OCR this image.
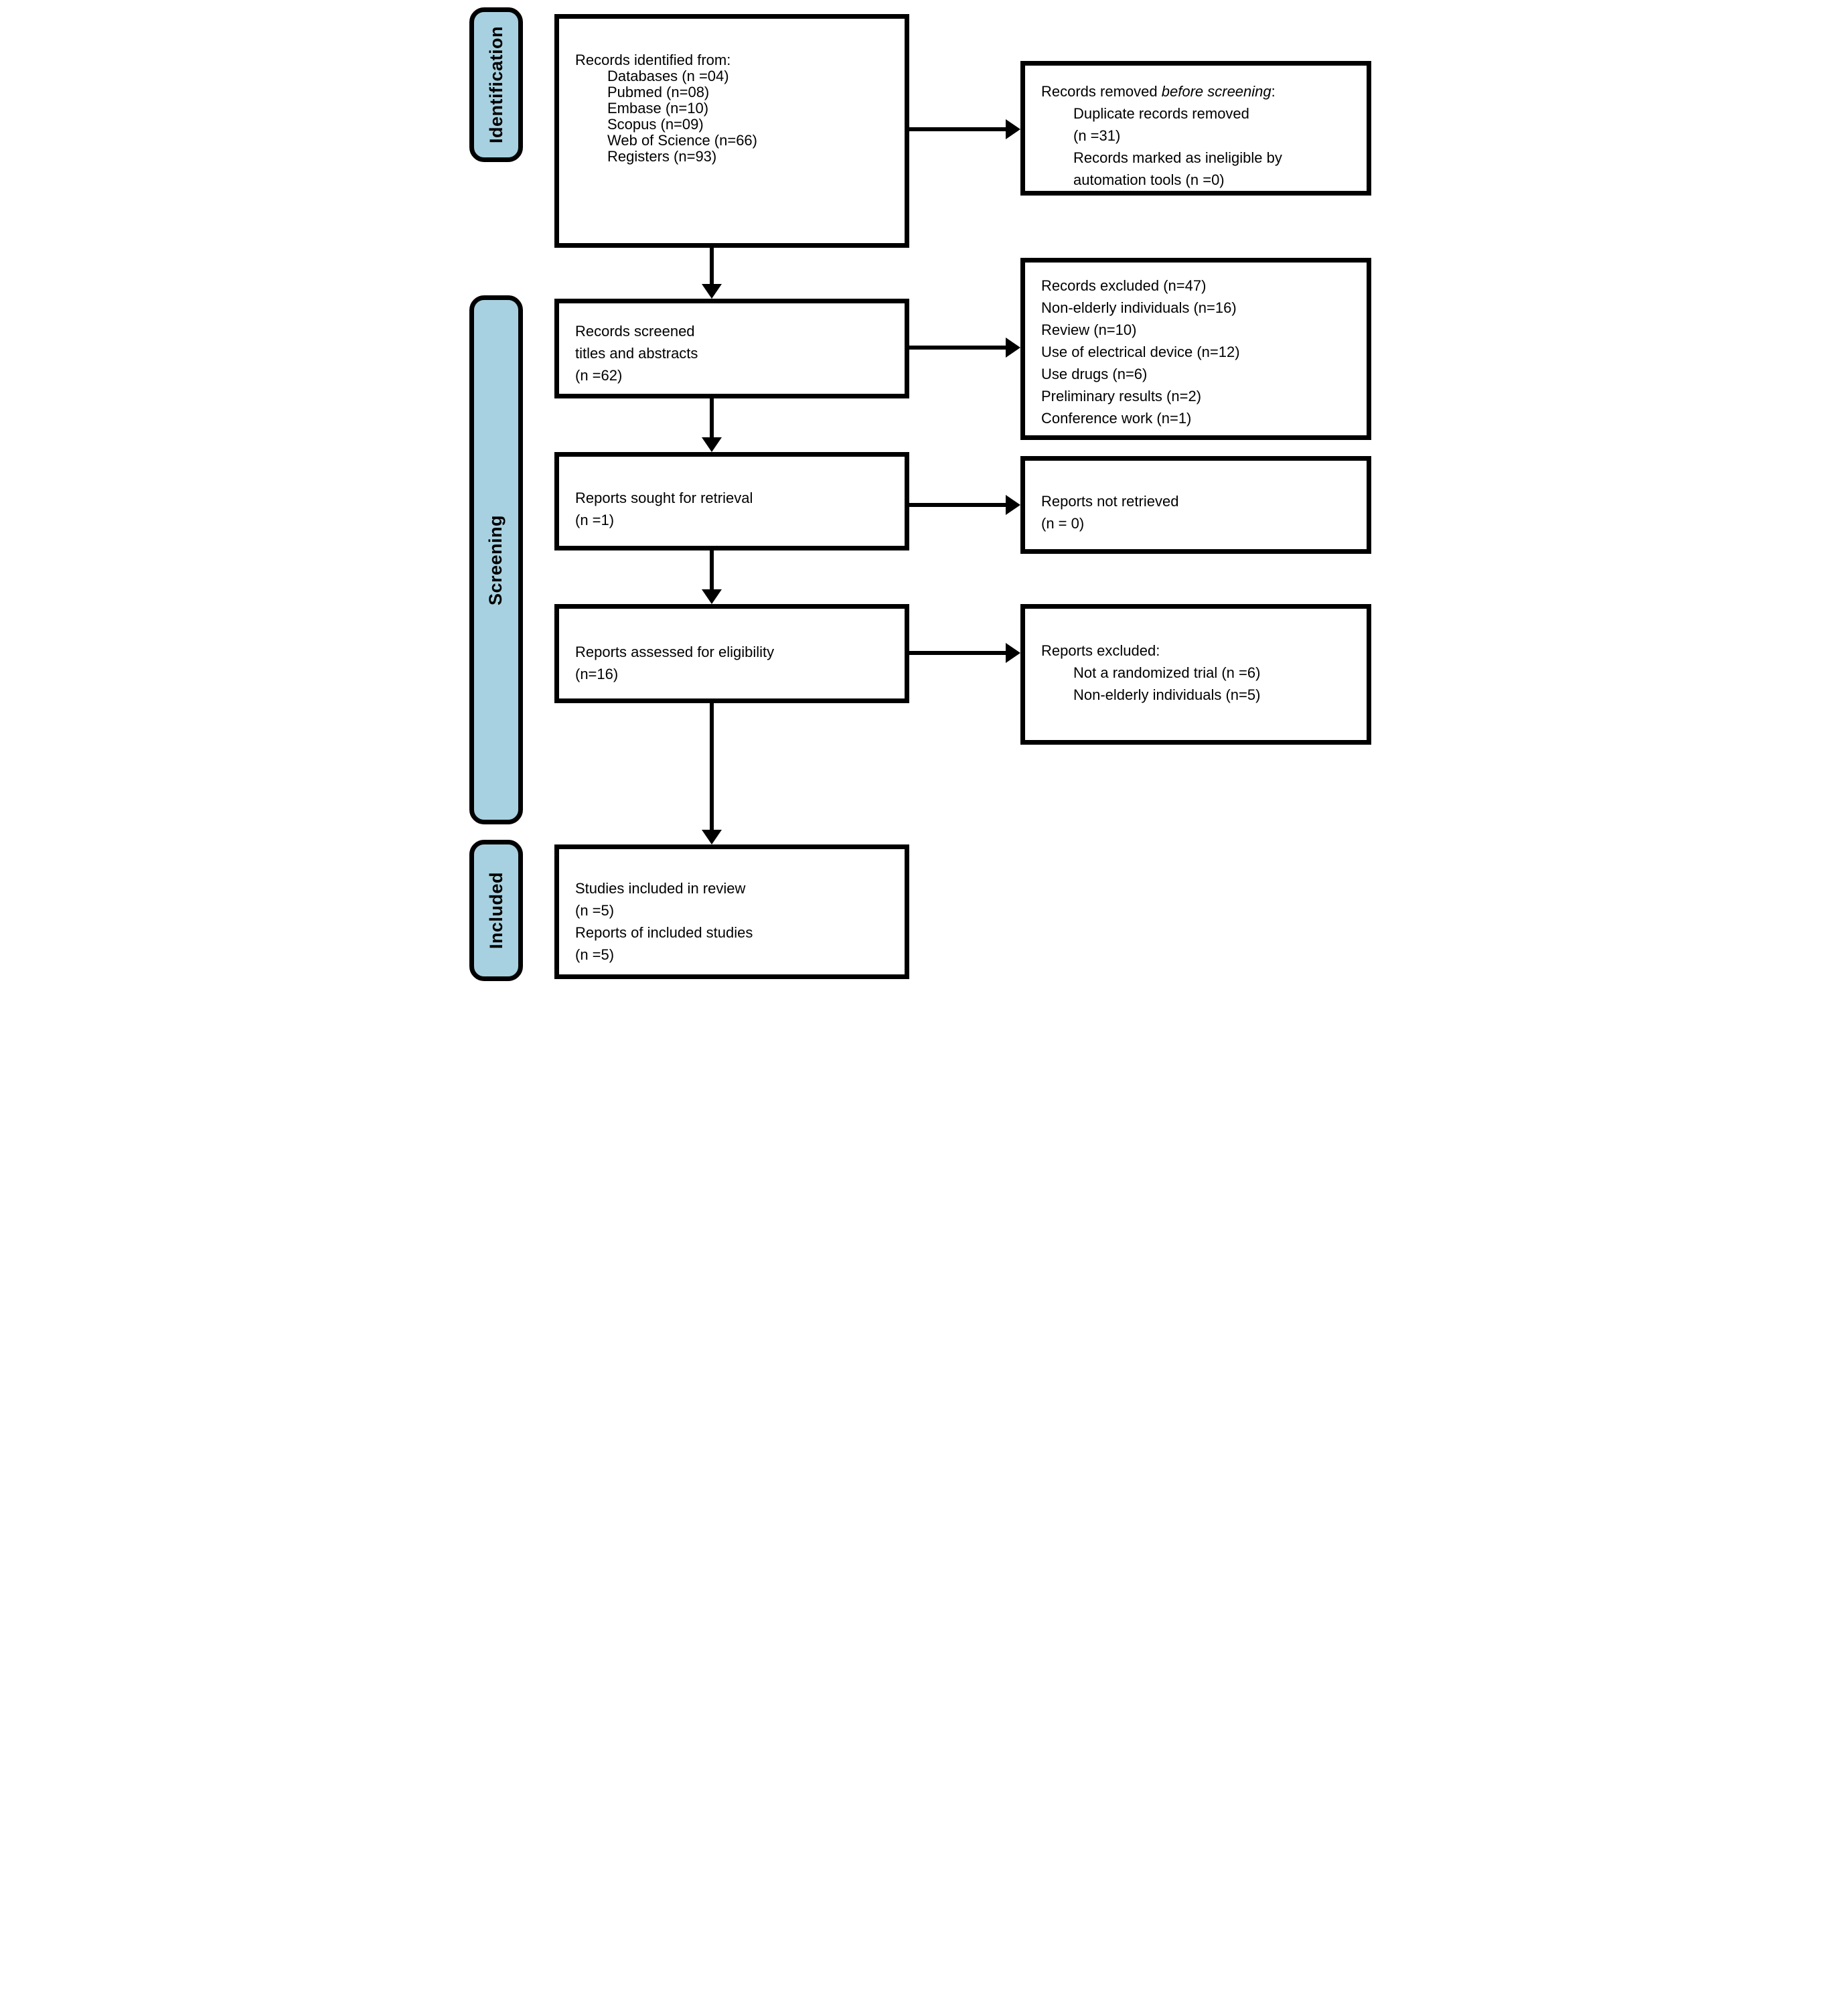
Identification
Screening
Included
Records identified from:
Databases (n =04)
Pubmed (n=08)
Embase (n=10)
Scopus (n=09)
Web of Science (n=66)
Registers (n=93)
Records screened
titles and abstracts
(n =62)
Reports sought for retrieval
(n =1)
Reports assessed for eligibility
(n=16)
Studies included in review
(n =5)
Reports of included studies
(n =5)
Records removed before screening:
Duplicate records removed
(n =31)
Records marked as ineligible by
automation tools (n =0)
Records excluded (n=47)
Non-elderly individuals (n=16)
Review (n=10)
Use of electrical device (n=12)
Use drugs (n=6)
Preliminary results (n=2)
Conference work (n=1)
Reports not retrieved
(n = 0)
Reports excluded:
Not a randomized trial (n =6)
Non-elderly individuals (n=5)
